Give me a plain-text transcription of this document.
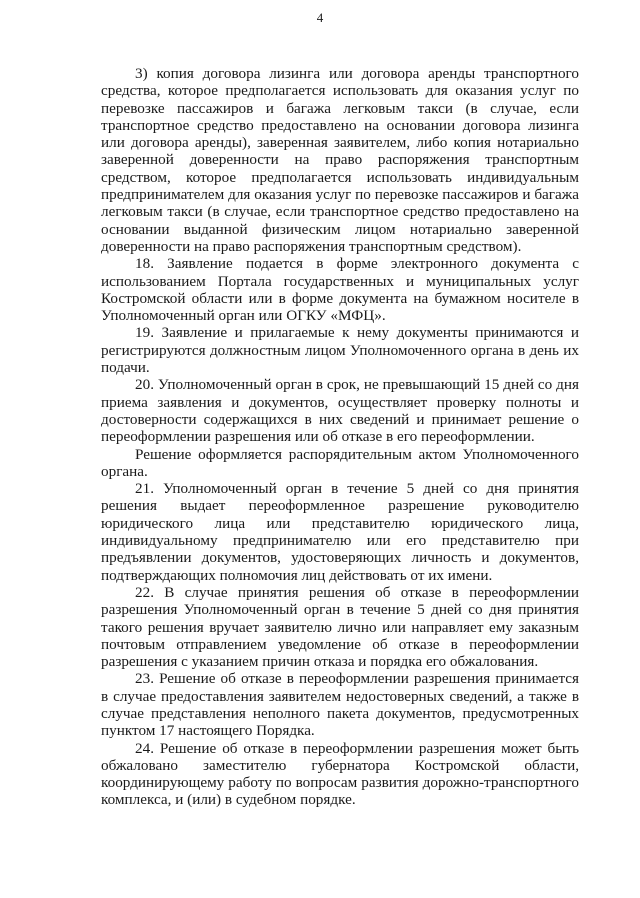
4

3) копия договора лизинга или договора аренды транспортного средства, которое предполагается использовать для оказания услуг по перевозке пассажиров и багажа легковым такси (в случае, если транспортное средство предоставлено на основании договора лизинга или договора аренды), заверенная заявителем, либо копия нотариально заверенной доверенности на право распоряжения транспортным средством, которое предполагается использовать индивидуальным предпринимателем для оказания услуг по перевозке пассажиров и багажа легковым такси (в случае, если транспортное средство предоставлено на основании выданной физическим лицом нотариально заверенной доверенности на право распоряжения транспортным средством).

18. Заявление подается в форме электронного документа с использованием Портала государственных и муниципальных услуг Костромской области или в форме документа на бумажном носителе в Уполномоченный орган или ОГКУ «МФЦ».

19. Заявление и прилагаемые к нему документы принимаются и регистрируются должностным лицом Уполномоченного органа в день их подачи.

20. Уполномоченный орган в срок, не превышающий 15 дней со дня приема заявления и документов, осуществляет проверку полноты и достоверности содержащихся в них сведений и принимает решение о переоформлении разрешения или об отказе в его переоформлении.

Решение оформляется распорядительным актом Уполномоченного органа.

21. Уполномоченный орган в течение 5 дней со дня принятия решения выдает переоформленное разрешение руководителю юридического лица или представителю юридического лица, индивидуальному предпринимателю или его представителю при предъявлении документов, удостоверяющих личность и документов, подтверждающих полномочия лиц действовать от их имени.

22. В случае принятия решения об отказе в переоформлении разрешения Уполномоченный орган в течение 5 дней со дня принятия такого решения вручает заявителю лично или направляет ему заказным почтовым отправлением уведомление об отказе в переоформлении разрешения с указанием причин отказа и порядка его обжалования.

23. Решение об отказе в переоформлении разрешения принимается в случае предоставления заявителем недостоверных сведений, а также в случае представления неполного пакета документов, предусмотренных пунктом 17 настоящего Порядка.

24. Решение об отказе в переоформлении разрешения может быть обжаловано заместителю губернатора Костромской области, координирующему работу по вопросам развития дорожно-транспортного комплекса, и (или) в судебном порядке.
